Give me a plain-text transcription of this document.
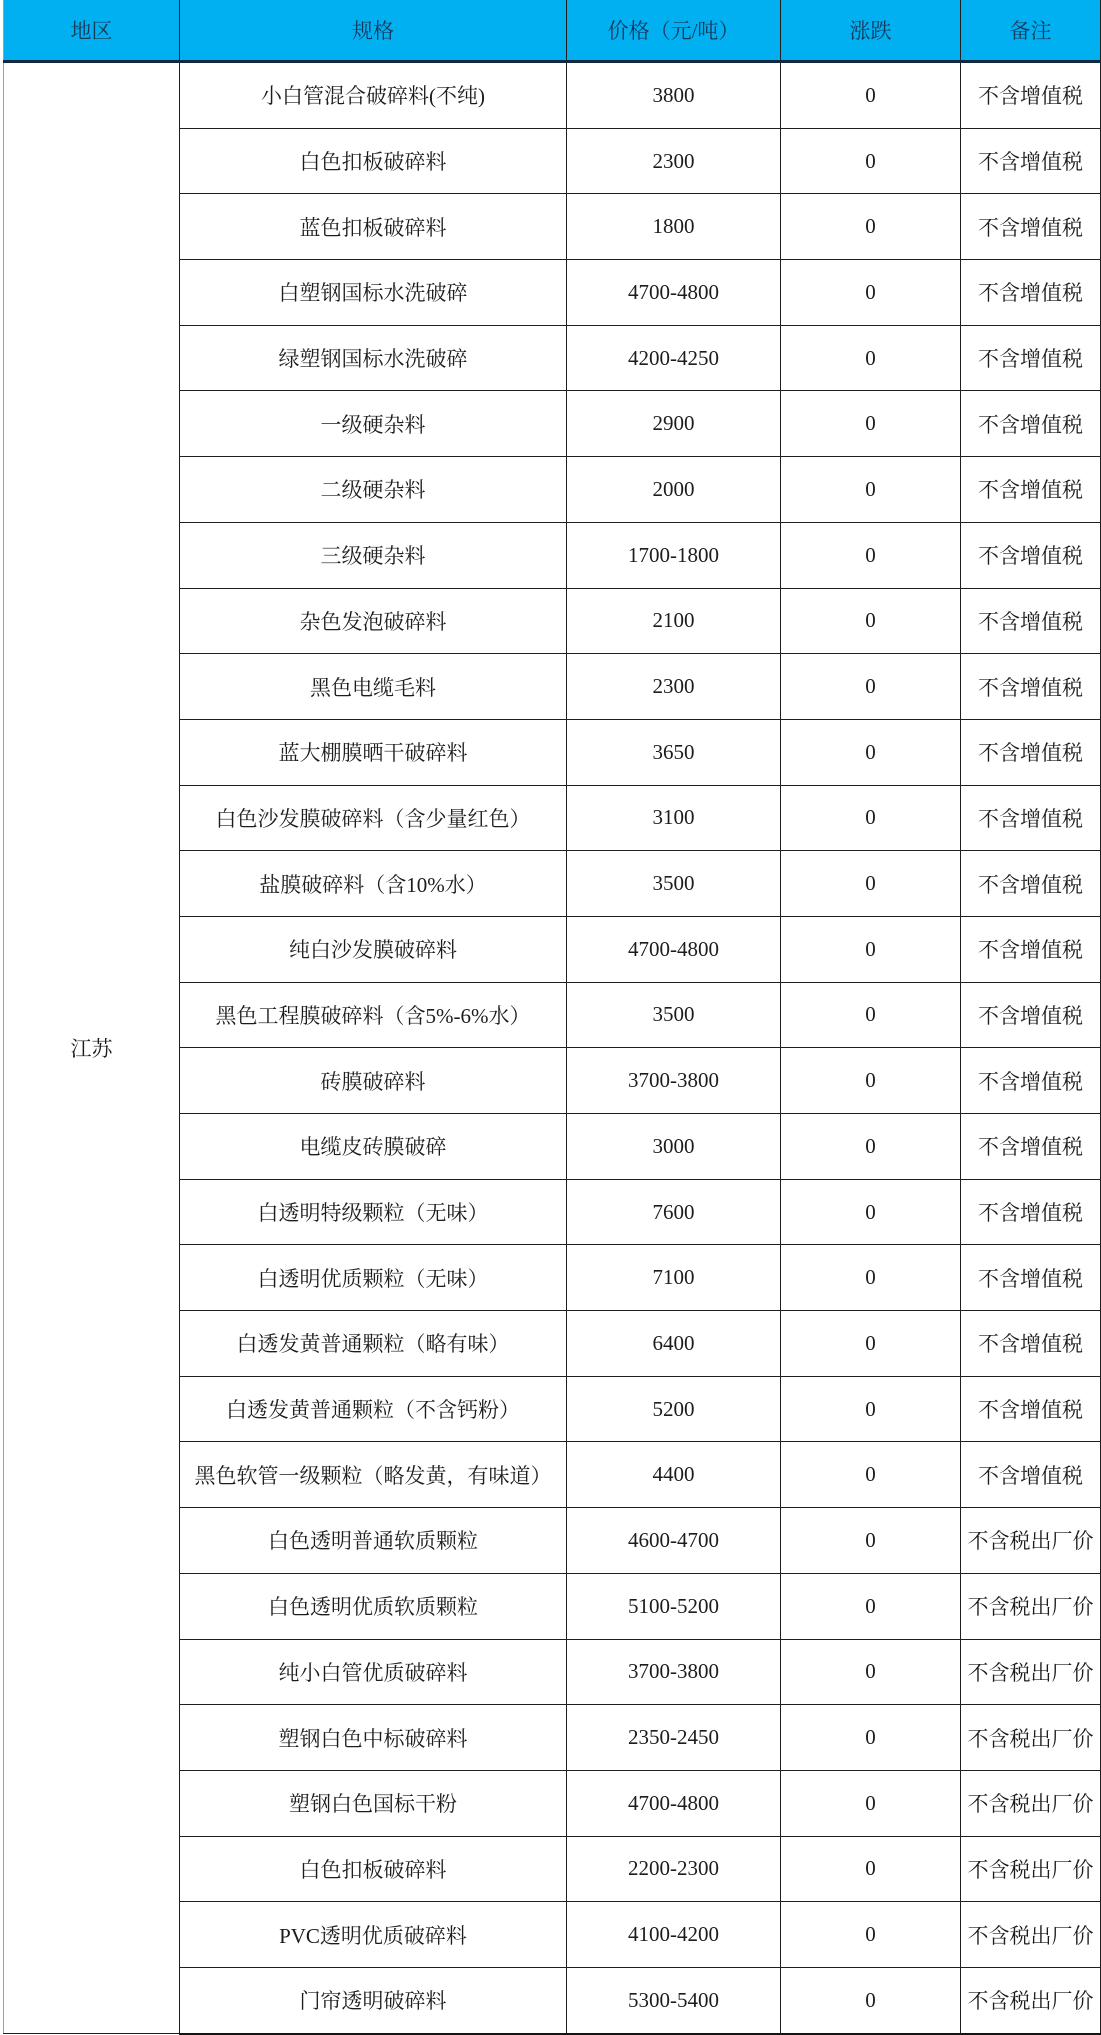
地区	规格	价格（元/吨）	涨跌	备注
江苏	小白管混合破碎料(不纯)	3800	0	不含增值税
	白色扣板破碎料	2300	0	不含增值税
	蓝色扣板破碎料	1800	0	不含增值税
	白塑钢国标水洗破碎	4700-4800	0	不含增值税
	绿塑钢国标水洗破碎	4200-4250	0	不含增值税
	一级硬杂料	2900	0	不含增值税
	二级硬杂料	2000	0	不含增值税
	三级硬杂料	1700-1800	0	不含增值税
	杂色发泡破碎料	2100	0	不含增值税
	黑色电缆毛料	2300	0	不含增值税
	蓝大棚膜晒干破碎料	3650	0	不含增值税
	白色沙发膜破碎料（含少量红色）	3100	0	不含增值税
	盐膜破碎料（含10%水）	3500	0	不含增值税
	纯白沙发膜破碎料	4700-4800	0	不含增值税
	黑色工程膜破碎料（含5%-6%水）	3500	0	不含增值税
	砖膜破碎料	3700-3800	0	不含增值税
	电缆皮砖膜破碎	3000	0	不含增值税
	白透明特级颗粒（无味）	7600	0	不含增值税
	白透明优质颗粒（无味）	7100	0	不含增值税
	白透发黄普通颗粒（略有味）	6400	0	不含增值税
	白透发黄普通颗粒（不含钙粉）	5200	0	不含增值税
	黑色软管一级颗粒（略发黄，有味道）	4400	0	不含增值税
	白色透明普通软质颗粒	4600-4700	0	不含税出厂价
	白色透明优质软质颗粒	5100-5200	0	不含税出厂价
	纯小白管优质破碎料	3700-3800	0	不含税出厂价
	塑钢白色中标破碎料	2350-2450	0	不含税出厂价
	塑钢白色国标干粉	4700-4800	0	不含税出厂价
	白色扣板破碎料	2200-2300	0	不含税出厂价
	PVC透明优质破碎料	4100-4200	0	不含税出厂价
	门帘透明破碎料	5300-5400	0	不含税出厂价
